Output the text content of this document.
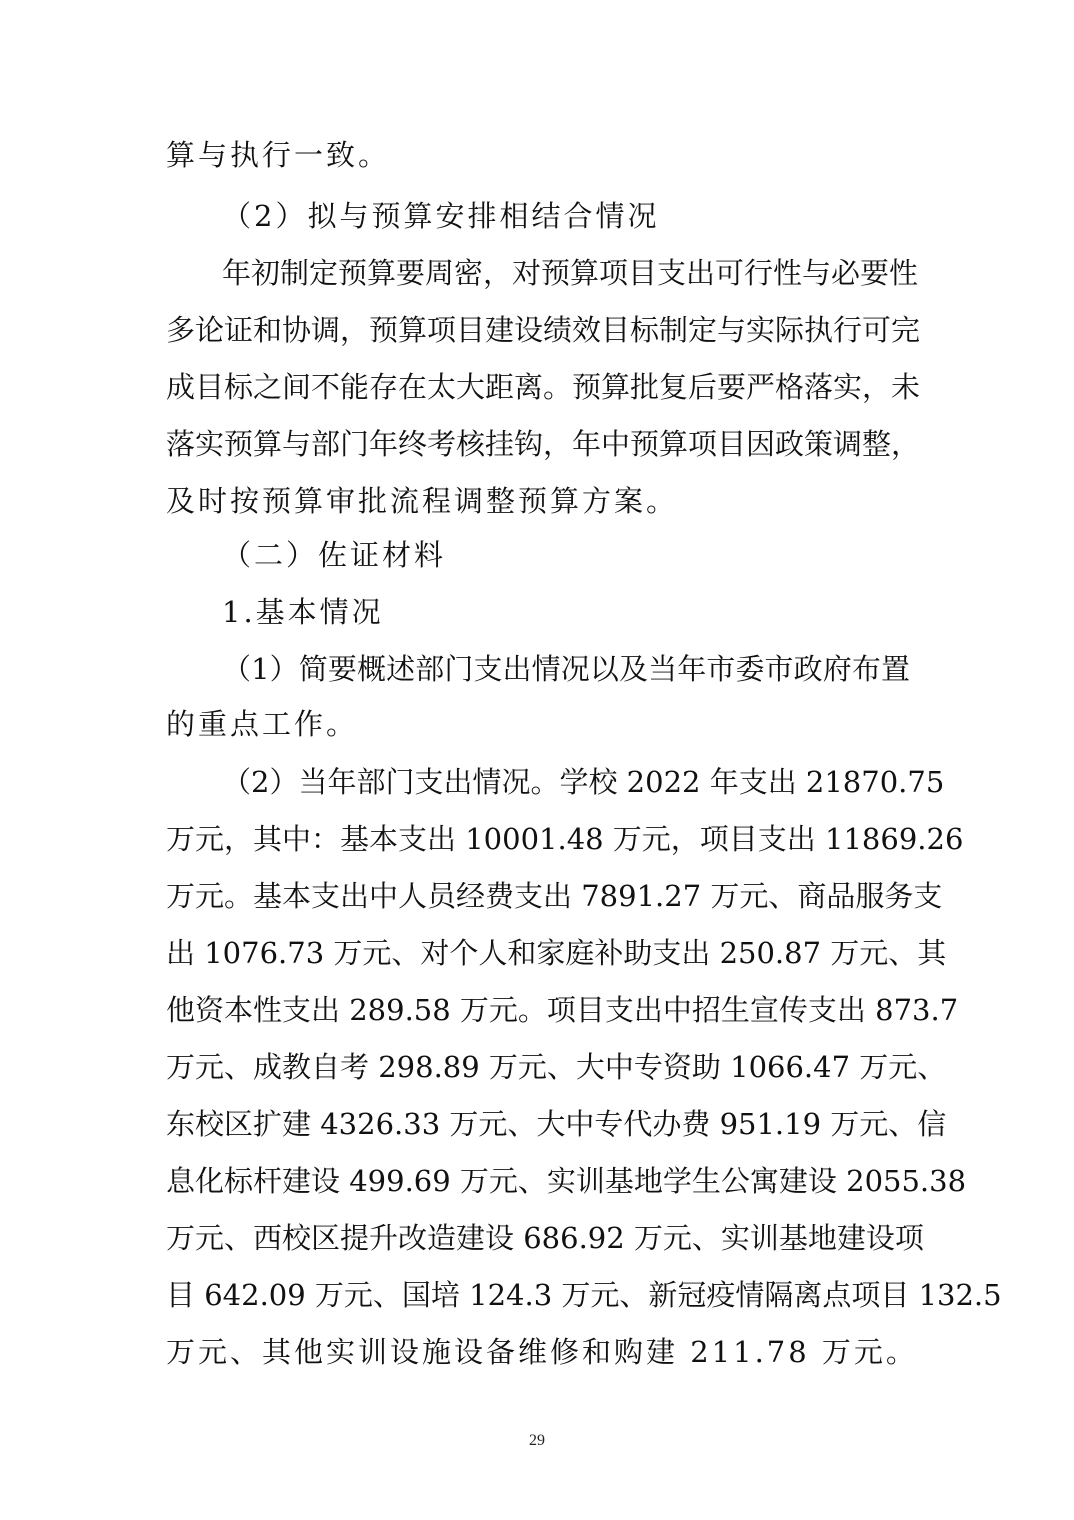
算与执行一致。
（2）拟与预算安排相结合情况
年初制定预算要周密，对预算项目支出可行性与必要性
多论证和协调，预算项目建设绩效目标制定与实际执行可完
成目标之间不能存在太大距离。预算批复后要严格落实，未
落实预算与部门年终考核挂钩，年中预算项目因政策调整，
及时按预算审批流程调整预算方案。
（二）佐证材料
1.基本情况
（1）简要概述部门支出情况以及当年市委市政府布置
的重点工作。
（2）当年部门支出情况。学校 2022 年支出 21870.75
万元，其中：基本支出 10001.48 万元，项目支出 11869.26
万元。基本支出中人员经费支出 7891.27 万元、商品服务支
出 1076.73 万元、对个人和家庭补助支出 250.87 万元、其
他资本性支出 289.58 万元。项目支出中招生宣传支出 873.7
万元、成教自考 298.89 万元、大中专资助 1066.47 万元、
东校区扩建 4326.33 万元、大中专代办费 951.19 万元、信
息化标杆建设 499.69 万元、实训基地学生公寓建设 2055.38
万元、西校区提升改造建设 686.92 万元、实训基地建设项
目 642.09 万元、国培 124.3 万元、新冠疫情隔离点项目 132.5
万元、其他实训设施设备维修和购建 211.78 万元。
29
